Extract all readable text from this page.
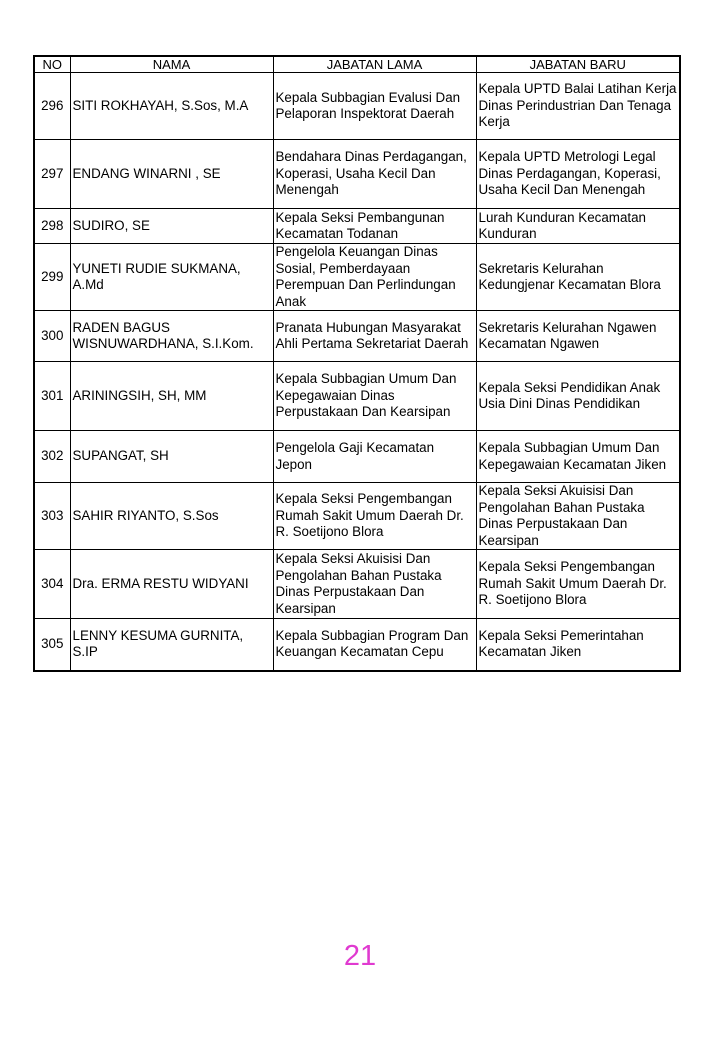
NO	NAMA	JABATAN LAMA	JABATAN BARU
296	SITI ROKHAYAH, S.Sos, M.A	Kepala Subbagian Evalusi Dan Pelaporan Inspektorat Daerah	Kepala UPTD Balai Latihan Kerja Dinas Perindustrian Dan Tenaga Kerja
297	ENDANG WINARNI , SE	Bendahara Dinas Perdagangan, Koperasi, Usaha Kecil Dan Menengah	Kepala UPTD Metrologi Legal Dinas Perdagangan, Koperasi, Usaha Kecil Dan Menengah
298	SUDIRO, SE	Kepala Seksi Pembangunan Kecamatan Todanan	Lurah Kunduran Kecamatan Kunduran
299	YUNETI RUDIE SUKMANA, A.Md	Pengelola Keuangan Dinas Sosial, Pemberdayaan Perempuan Dan Perlindungan Anak	Sekretaris Kelurahan Kedungjenar Kecamatan Blora
300	RADEN BAGUS WISNUWARDHANA, S.I.Kom.	Pranata Hubungan Masyarakat Ahli Pertama Sekretariat Daerah	Sekretaris Kelurahan Ngawen Kecamatan Ngawen
301	ARININGSIH, SH, MM	Kepala Subbagian Umum Dan Kepegawaian Dinas Perpustakaan Dan Kearsipan	Kepala Seksi Pendidikan Anak Usia Dini Dinas Pendidikan
302	SUPANGAT, SH	Pengelola Gaji Kecamatan Jepon	Kepala Subbagian Umum Dan Kepegawaian Kecamatan Jiken
303	SAHIR RIYANTO, S.Sos	Kepala Seksi Pengembangan Rumah Sakit Umum Daerah Dr. R. Soetijono Blora	Kepala Seksi Akuisisi Dan Pengolahan Bahan Pustaka Dinas Perpustakaan Dan Kearsipan
304	Dra. ERMA RESTU WIDYANI	Kepala Seksi Akuisisi Dan Pengolahan Bahan Pustaka Dinas Perpustakaan Dan Kearsipan	Kepala Seksi Pengembangan Rumah Sakit Umum Daerah Dr. R. Soetijono Blora
305	LENNY KESUMA GURNITA, S.IP	Kepala Subbagian Program Dan Keuangan Kecamatan Cepu	Kepala Seksi Pemerintahan Kecamatan Jiken
21
